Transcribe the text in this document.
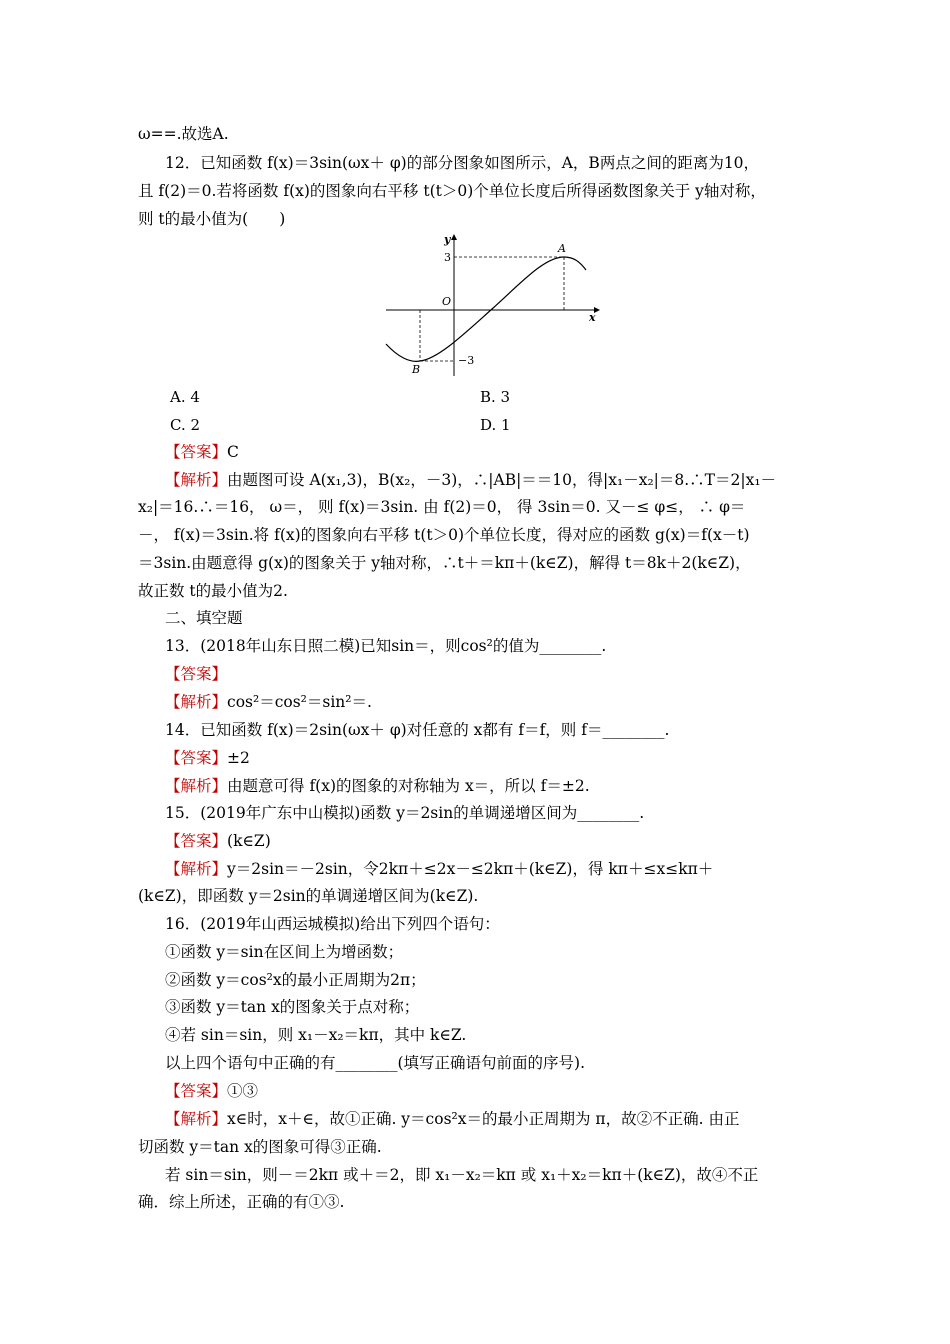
ω==.故选A.
12．已知函数 f(x)＝3sin(ωx＋ φ)的部分图象如图所示，A，B两点之间的距离为10，
且 f(2)＝0.若将函数 f(x)的图象向右平移 t(t＞0)个单位长度后所得函数图象关于 y轴对称，
则 t的最小值为(　　)
y
x
O
3
−3
A
B
A. 4	B. 3
C. 2	D. 1
【答案】C
【解析】由题图可设 A(x₁,3)，B(x₂，－3)，∴|AB|＝＝10，得|x₁－x₂|＝8.∴T＝2|x₁－
x₂|＝16.∴＝16， ω＝， 则 f(x)＝3sin. 由 f(2)＝0， 得 3sin＝0. 又－≤ φ≤， ∴ φ＝
－， f(x)＝3sin.将 f(x)的图象向右平移 t(t＞0)个单位长度，得对应的函数 g(x)＝f(x－t)
＝3sin.由题意得 g(x)的图象关于 y轴对称，∴t＋＝kπ＋(k∈Z)，解得 t＝8k＋2(k∈Z)，
故正数 t的最小值为2.
二、填空题
13．(2018年山东日照二模)已知sin＝，则cos²的值为________.
【答案】
【解析】cos²＝cos²＝sin²＝.
14．已知函数 f(x)＝2sin(ωx＋ φ)对任意的 x都有 f＝f，则 f＝________.
【答案】±2
【解析】由题意可得 f(x)的图象的对称轴为 x＝，所以 f＝±2.
15．(2019年广东中山模拟)函数 y＝2sin的单调递增区间为________.
【答案】(k∈Z)
【解析】y＝2sin＝－2sin，令2kπ＋≤2x－≤2kπ＋(k∈Z)，得 kπ＋≤x≤kπ＋
(k∈Z)，即函数 y＝2sin的单调递增区间为(k∈Z).
16．(2019年山西运城模拟)给出下列四个语句：
①函数 y＝sin在区间上为增函数；
②函数 y＝cos²x的最小正周期为2π；
③函数 y＝tan x的图象关于点对称；
④若 sin＝sin，则 x₁－x₂＝kπ，其中 k∈Z.
以上四个语句中正确的有________(填写正确语句前面的序号).
【答案】①③
【解析】x∈时，x＋∈，故①正确. y＝cos²x＝的最小正周期为 π，故②不正确. 由正
切函数 y＝tan x的图象可得③正确.
若 sin＝sin，则－＝2kπ 或＋＝2，即 x₁－x₂＝kπ 或 x₁＋x₂＝kπ＋(k∈Z)，故④不正
确．综上所述，正确的有①③.
